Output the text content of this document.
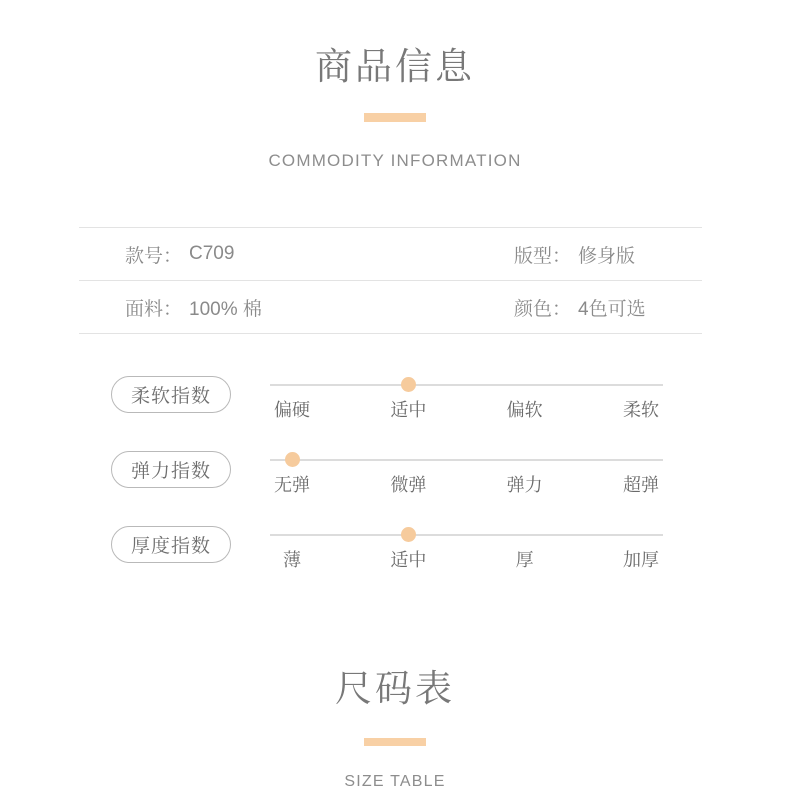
商品信息
COMMODITY INFORMATION
款号： C709	版型： 修身版
面料： 100% 棉	颜色： 4色可选
柔软指数
偏硬	适中	偏软	柔软
弹力指数
无弹	微弹	弹力	超弹
厚度指数
薄	适中	厚	加厚
尺码表
SIZE TABLE
